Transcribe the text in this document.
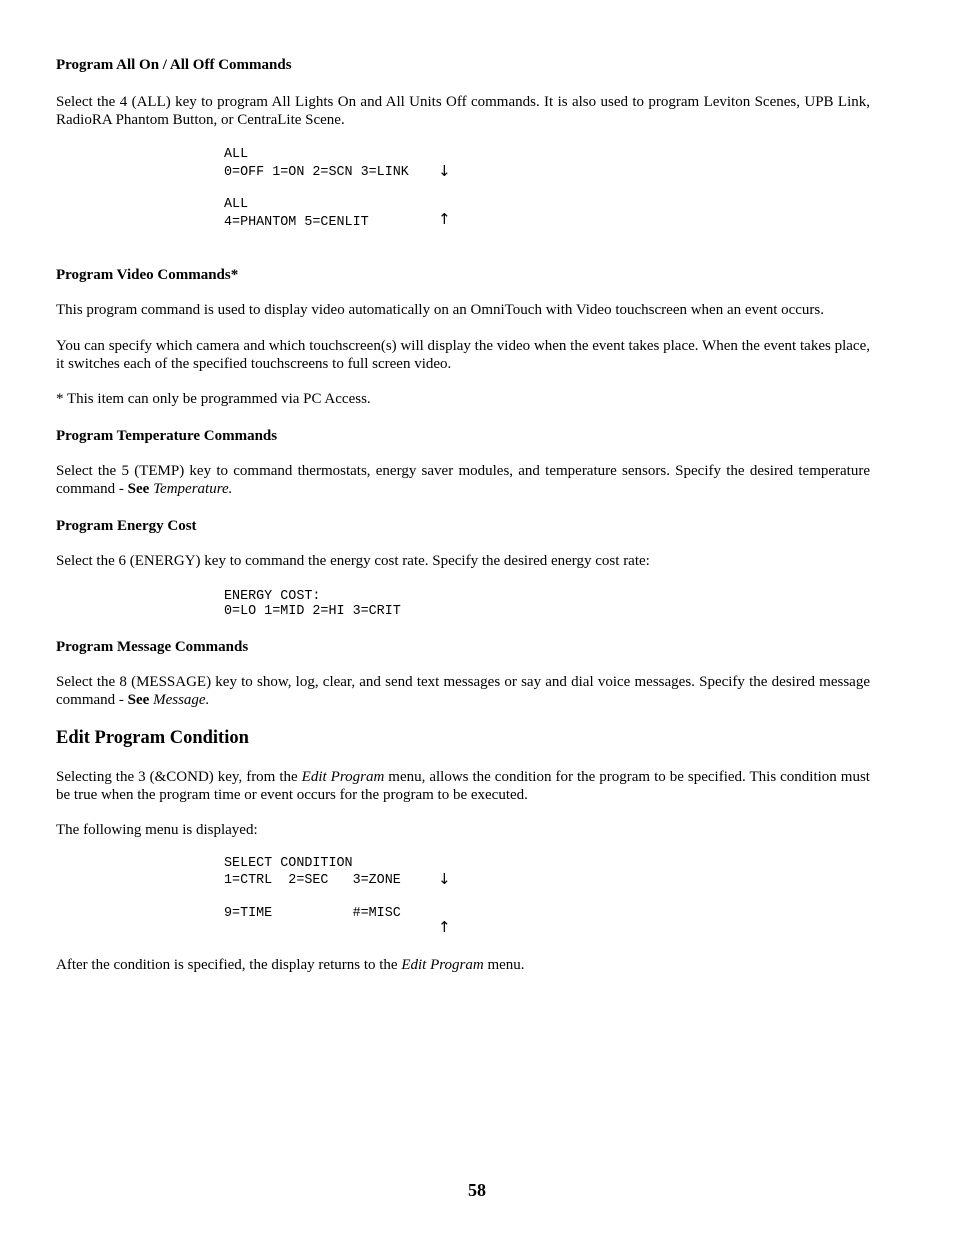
Program All On / All Off Commands
Select the 4 (ALL) key to program All Lights On and All Units Off commands. It is also used to program Leviton Scenes, UPB Link, RadioRA Phantom Button, or CentraLite Scene.
ALL
0=OFF 1=ON 2=SCN 3=LINK ↓
ALL
4=PHANTOM 5=CENLIT	↑
Program Video Commands*
This program command is used to display video automatically on an OmniTouch with Video touchscreen when an event occurs.
You can specify which camera and which touchscreen(s) will display the video when the event takes place. When the event takes place, it switches each of the specified touchscreens to full screen video.
* This item can only be programmed via PC Access.
Program Temperature Commands
Select the 5 (TEMP) key to command thermostats, energy saver modules, and temperature sensors. Specify the desired temperature command - See Temperature.
Program Energy Cost
Select the 6 (ENERGY) key to command the energy cost rate. Specify the desired energy cost rate:
ENERGY COST:
0=LO 1=MID 2=HI 3=CRIT
Program Message Commands
Select the 8 (MESSAGE) key to show, log, clear, and send text messages or say and dial voice messages. Specify the desired message command - See Message.
Edit Program Condition
Selecting the 3 (&COND) key, from the Edit Program menu, allows the condition for the program to be specified. This condition must be true when the program time or event occurs for the program to be executed.
The following menu is displayed:
SELECT CONDITION
1=CTRL  2=SEC   3=ZONE ↓
9=TIME          #=MISC
↑
After the condition is specified, the display returns to the Edit Program menu.
58
